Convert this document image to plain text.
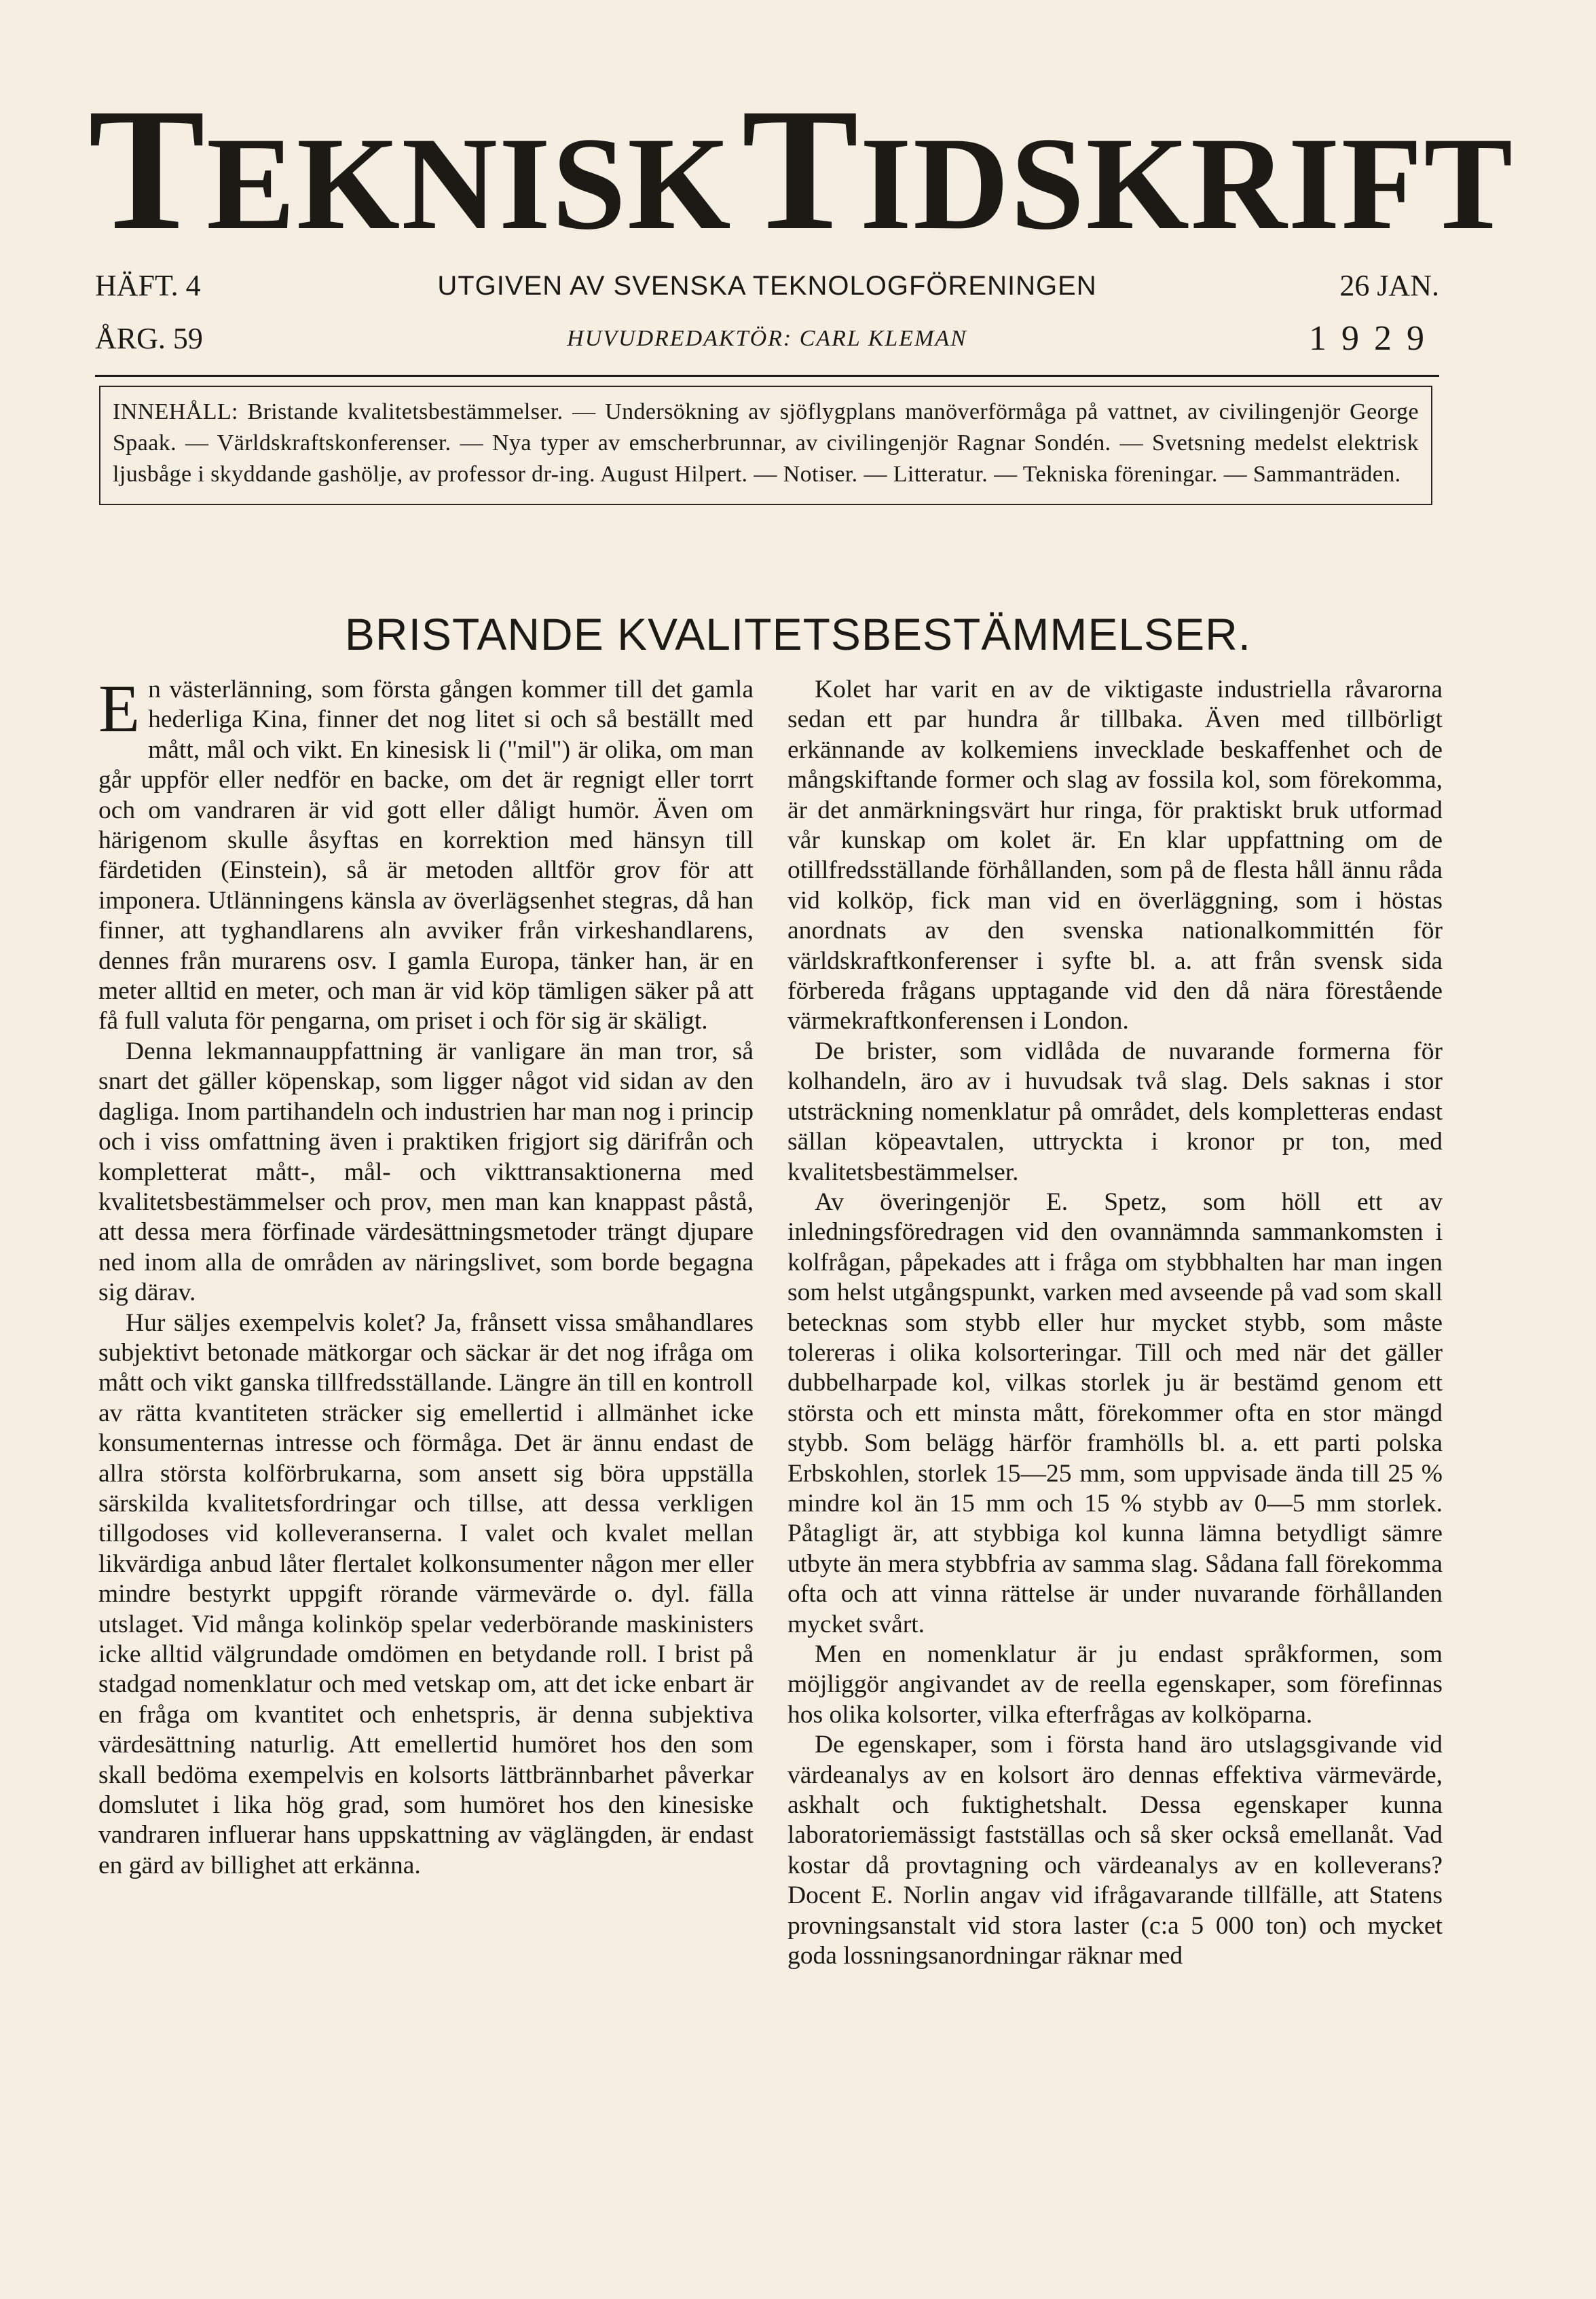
TEKNISKTIDSKRIFT
HÄFT. 4	UTGIVEN AV SVENSKA TEKNOLOGFÖRENINGEN	26 JAN.
ÅRG. 59	HUVUDREDAKTÖR: CARL KLEMAN	1929
INNEHÅLL: Bristande kvalitetsbestämmelser. — Undersökning av sjöflygplans manöverförmåga på vattnet, av civilingenjör George Spaak. — Världskraftskonferenser. — Nya typer av emscherbrunnar, av civilingenjör Ragnar Sondén. — Svetsning medelst elektrisk ljusbåge i skyddande gashölje, av professor dr-ing. August Hilpert. — Notiser. — Litteratur. — Tekniska föreningar. — Sammanträden.
BRISTANDE KVALITETSBESTÄMMELSER.

En västerlänning, som första gången kommer till det gamla hederliga Kina, finner det nog litet si och så beställt med mått, mål och vikt. En kinesisk li ("mil") är olika, om man går uppför eller nedför en backe, om det är regnigt eller torrt och om vandraren är vid gott eller dåligt humör. Även om härigenom skulle åsyftas en korrektion med hänsyn till färdetiden (Einstein), så är metoden alltför grov för att imponera. Utlänningens känsla av överlägsenhet stegras, då han finner, att tyghandlarens aln avviker från virkeshandlarens, dennes från murarens osv. I gamla Europa, tänker han, är en meter alltid en meter, och man är vid köp tämligen säker på att få full valuta för pengarna, om priset i och för sig är skäligt.

Denna lekmannauppfattning är vanligare än man tror, så snart det gäller köpenskap, som ligger något vid sidan av den dagliga. Inom partihandeln och industrien har man nog i princip och i viss omfattning även i praktiken frigjort sig därifrån och kompletterat mått-, mål- och vikttransaktionerna med kvalitetsbestämmelser och prov, men man kan knappast påstå, att dessa mera förfinade värdesättningsmetoder trängt djupare ned inom alla de områden av näringslivet, som borde begagna sig därav.

Hur säljes exempelvis kolet? Ja, frånsett vissa småhandlares subjektivt betonade mätkorgar och säckar är det nog ifråga om mått och vikt ganska tillfredsställande. Längre än till en kontroll av rätta kvantiteten sträcker sig emellertid i allmänhet icke konsumenternas intresse och förmåga. Det är ännu endast de allra största kolförbrukarna, som ansett sig böra uppställa särskilda kvalitetsfordringar och tillse, att dessa verkligen tillgodoses vid kolleveranserna. I valet och kvalet mellan likvärdiga anbud låter flertalet kolkonsumenter någon mer eller mindre bestyrkt uppgift rörande värmevärde o. dyl. fälla utslaget. Vid många kolinköp spelar vederbörande maskinisters icke alltid välgrundade omdömen en betydande roll. I brist på stadgad nomenklatur och med vetskap om, att det icke enbart är en fråga om kvantitet och enhetspris, är denna subjektiva värdesättning naturlig. Att emellertid humöret hos den som skall bedöma exempelvis en kolsorts lättbrännbarhet påverkar domslutet i lika hög grad, som humöret hos den kinesiske vandraren influerar hans uppskattning av väglängden, är endast en gärd av billighet att erkänna.

Kolet har varit en av de viktigaste industriella råvarorna sedan ett par hundra år tillbaka. Även med tillbörligt erkännande av kolkemiens invecklade beskaffenhet och de mångskiftande former och slag av fossila kol, som förekomma, är det anmärkningsvärt hur ringa, för praktiskt bruk utformad vår kunskap om kolet är. En klar uppfattning om de otillfredsställande förhållanden, som på de flesta håll ännu råda vid kolköp, fick man vid en överläggning, som i höstas anordnats av den svenska nationalkommittén för världskraftkonferenser i syfte bl. a. att från svensk sida förbereda frågans upptagande vid den då nära förestående värmekraftkonferensen i London.

De brister, som vidlåda de nuvarande formerna för kolhandeln, äro av i huvudsak två slag. Dels saknas i stor utsträckning nomenklatur på området, dels kompletteras endast sällan köpeavtalen, uttryckta i kronor pr ton, med kvalitetsbestämmelser.

Av överingenjör E. Spetz, som höll ett av inledningsföredragen vid den ovannämnda sammankomsten i kolfrågan, påpekades att i fråga om stybbhalten har man ingen som helst utgångspunkt, varken med avseende på vad som skall betecknas som stybb eller hur mycket stybb, som måste tolereras i olika kolsorteringar. Till och med när det gäller dubbelharpade kol, vilkas storlek ju är bestämd genom ett största och ett minsta mått, förekommer ofta en stor mängd stybb. Som belägg härför framhölls bl. a. ett parti polska Erbskohlen, storlek 15—25 mm, som uppvisade ända till 25 % mindre kol än 15 mm och 15 % stybb av 0—5 mm storlek. Påtagligt är, att stybbiga kol kunna lämna betydligt sämre utbyte än mera stybbfria av samma slag. Sådana fall förekomma ofta och att vinna rättelse är under nuvarande förhållanden mycket svårt.

Men en nomenklatur är ju endast språkformen, som möjliggör angivandet av de reella egenskaper, som förefinnas hos olika kolsorter, vilka efterfrågas av kolköparna.

De egenskaper, som i första hand äro utslagsgivande vid värdeanalys av en kolsort äro dennas effektiva värmevärde, askhalt och fuktighetshalt. Dessa egenskaper kunna laboratoriemässigt fastställas och så sker också emellanåt. Vad kostar då provtagning och värdeanalys av en kolleverans? Docent E. Norlin angav vid ifrågavarande tillfälle, att Statens provningsanstalt vid stora laster (c:a 5 000 ton) och mycket goda lossningsanordningar räknar med
